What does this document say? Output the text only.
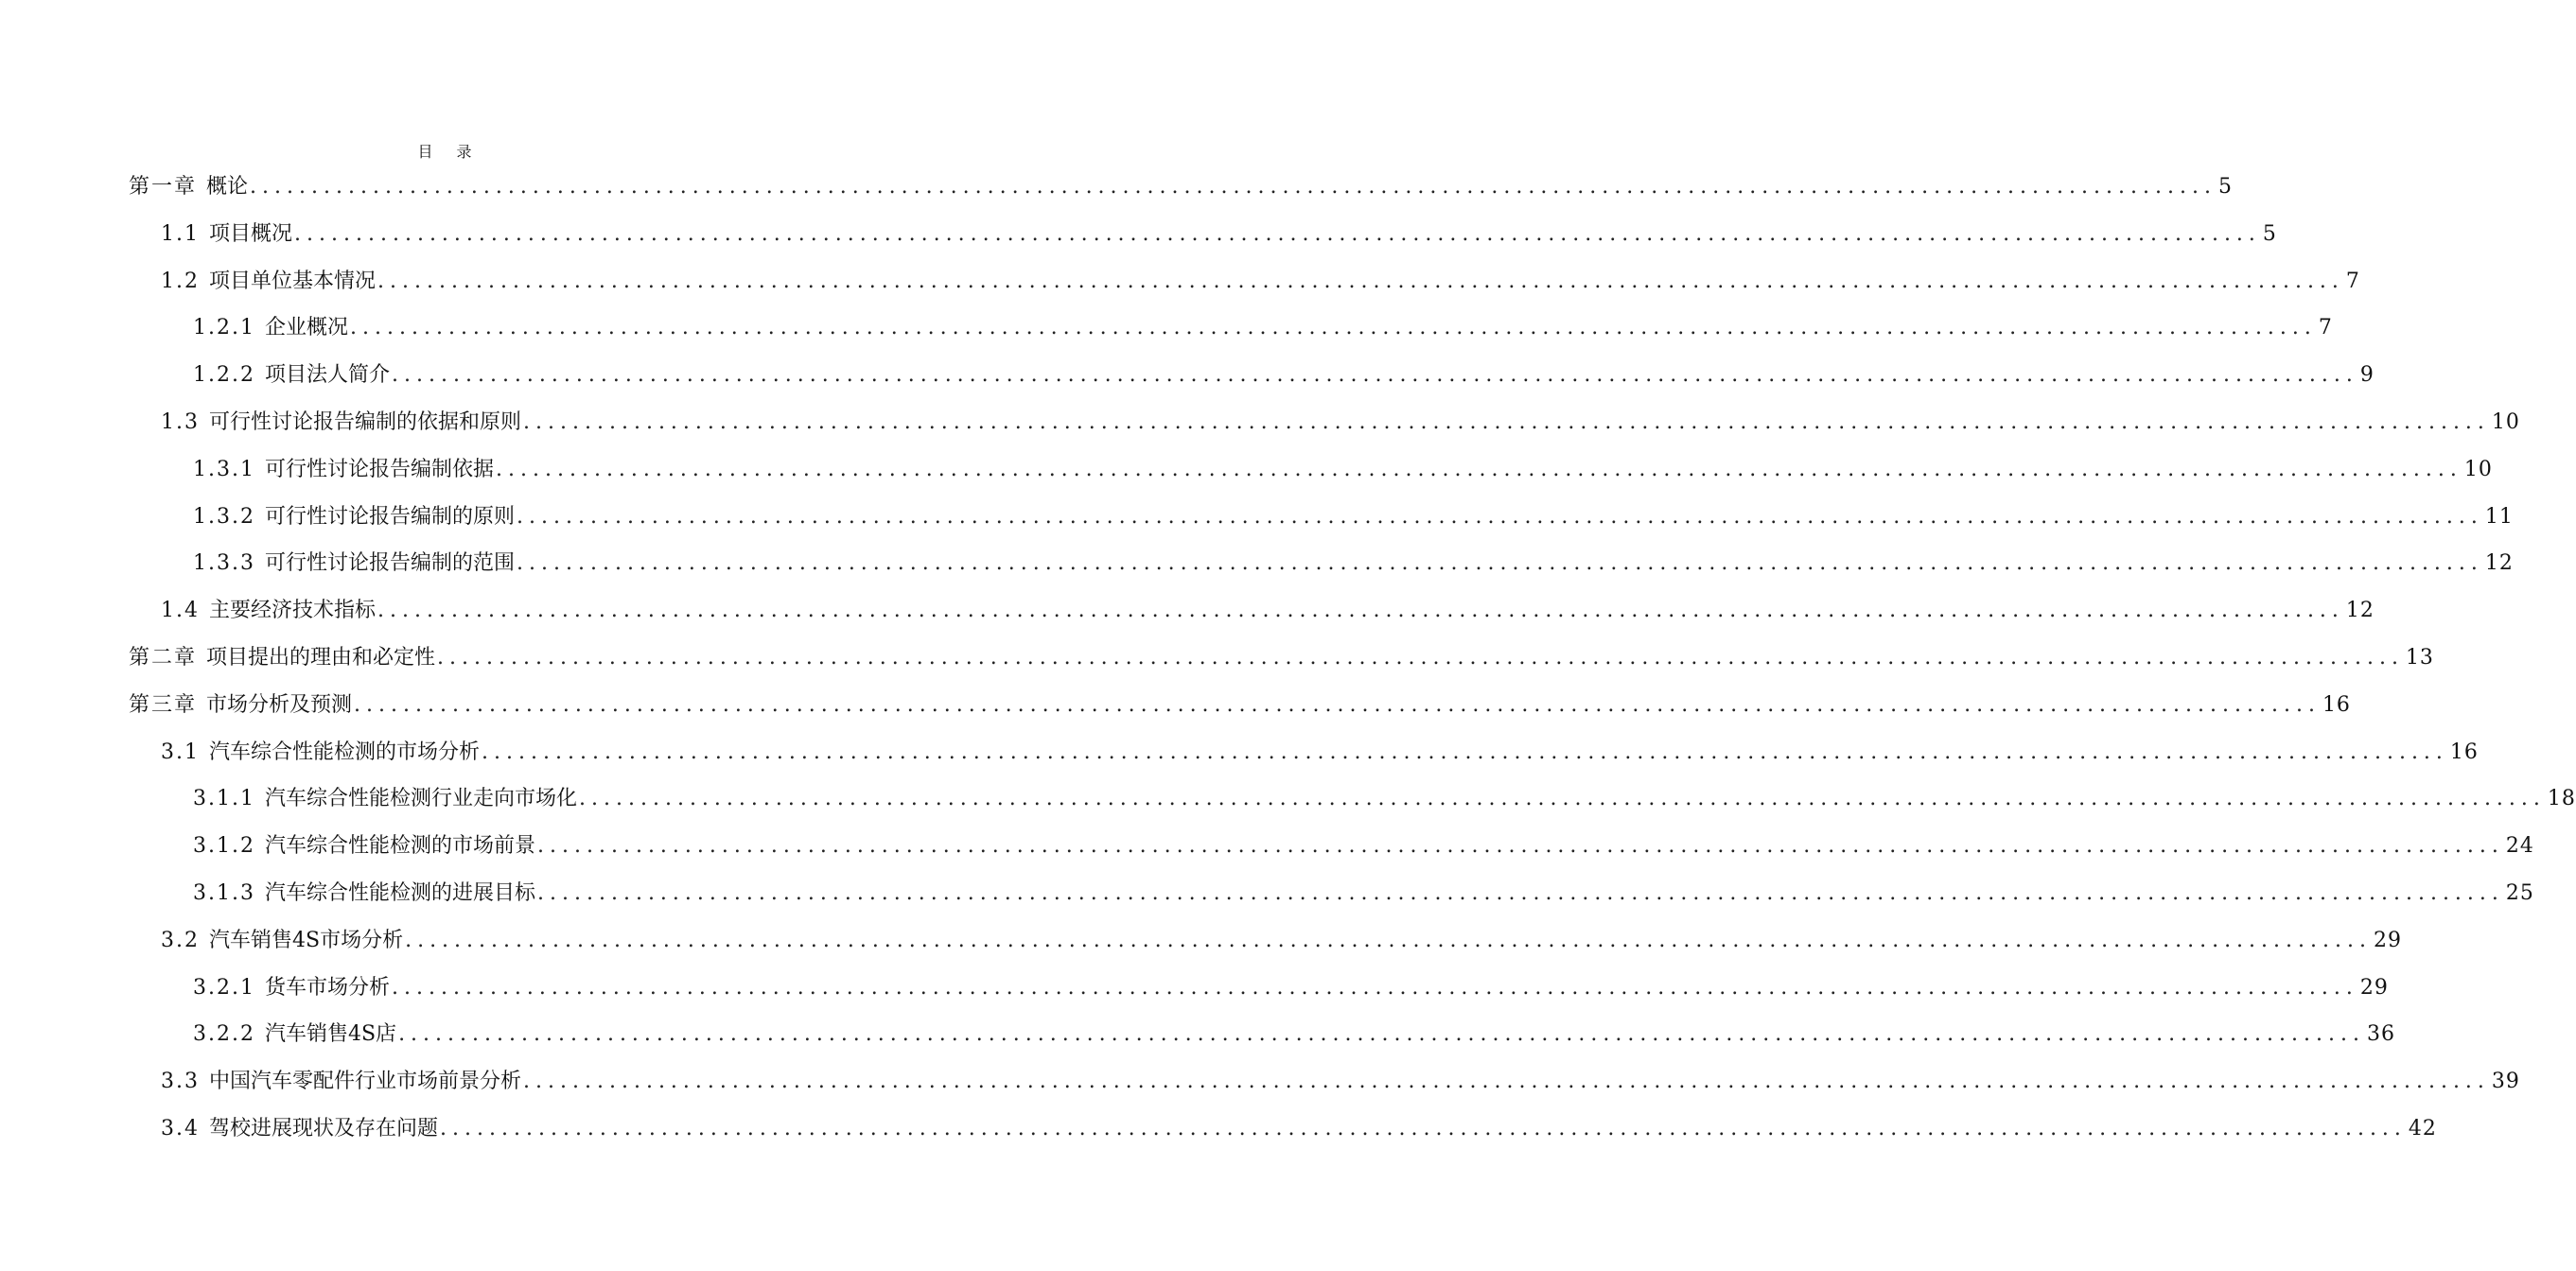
目 录
第一章 概论 ................................................................................................................................................................ 5
1.1 项目概况 ................................................................................................................................................................ 5
1.2 项目单位基本情况 ................................................................................................................................................................ 7
1.2.1 企业概况 ................................................................................................................................................................ 7
1.2.2 项目法人简介 ................................................................................................................................................................ 9
1.3 可行性讨论报告编制的依据和原则 ................................................................................................................................................................ 10
1.3.1 可行性讨论报告编制依据 ................................................................................................................................................................ 10
1.3.2 可行性讨论报告编制的原则 ................................................................................................................................................................ 11
1.3.3 可行性讨论报告编制的范围 ................................................................................................................................................................ 12
1.4 主要经济技术指标 ................................................................................................................................................................ 12
第二章 项目提出的理由和必定性 ................................................................................................................................................................ 13
第三章 市场分析及预测 ................................................................................................................................................................ 16
3.1 汽车综合性能检测的市场分析 ................................................................................................................................................................ 16
3.1.1 汽车综合性能检测行业走向市场化 ................................................................................................................................................................ 18
3.1.2 汽车综合性能检测的市场前景 ................................................................................................................................................................ 24
3.1.3 汽车综合性能检测的进展目标 ................................................................................................................................................................ 25
3.2 汽车销售4S市场分析 ................................................................................................................................................................ 29
3.2.1 货车市场分析 ................................................................................................................................................................ 29
3.2.2 汽车销售4S店 ................................................................................................................................................................ 36
3.3 中国汽车零配件行业市场前景分析 ................................................................................................................................................................ 39
3.4 驾校进展现状及存在问题 ................................................................................................................................................................ 42
